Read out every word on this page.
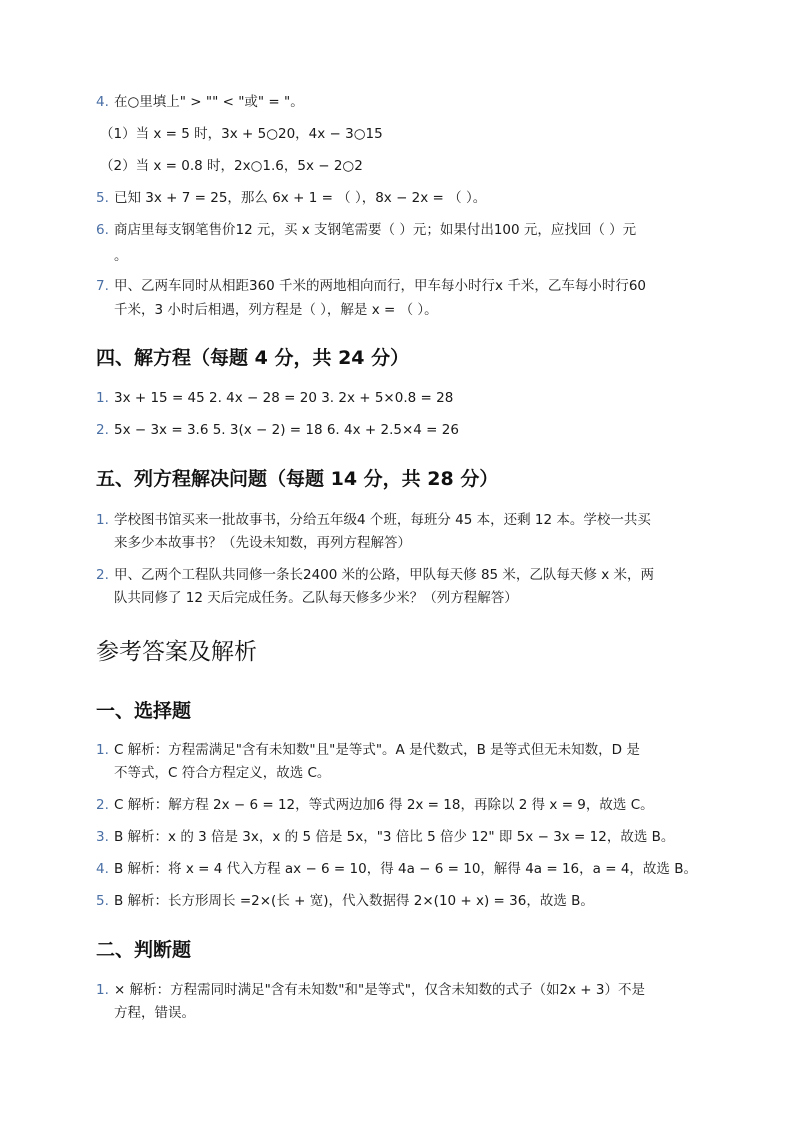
4. 在○里填上" > "" < "或" = "。
（1）当 x = 5 时，3x + 5○20，4x − 3○15
（2）当 x = 0.8 时，2x○1.6，5x − 2○2
5. 已知 3x + 7 = 25，那么 6x + 1 = （ ），8x − 2x = （ ）。
6. 商店里每支钢笔售价12 元，买 x 支钢笔需要（ ）元；如果付出100 元，应找回（ ）元
。
7. 甲、乙两车同时从相距360 千米的两地相向而行，甲车每小时行x 千米，乙车每小时行60
千米，3 小时后相遇，列方程是（ ），解是 x = （ ）。
四、解方程（每题 4 分，共 24 分）
1. 3x + 15 = 45 2. 4x − 28 = 20 3. 2x + 5×0.8 = 28
2. 5x − 3x = 3.6 5. 3(x − 2) = 18 6. 4x + 2.5×4 = 26
五、列方程解决问题（每题 14 分，共 28 分）
1. 学校图书馆买来一批故事书，分给五年级4 个班，每班分 45 本，还剩 12 本。学校一共买
来多少本故事书？（先设未知数，再列方程解答）
2. 甲、乙两个工程队共同修一条长2400 米的公路，甲队每天修 85 米，乙队每天修 x 米，两
队共同修了 12 天后完成任务。乙队每天修多少米？（列方程解答）
参考答案及解析
一、选择题
1. C 解析：方程需满足"含有未知数"且"是等式"。A 是代数式，B 是等式但无未知数，D 是
不等式，C 符合方程定义，故选 C。
2. C 解析：解方程 2x − 6 = 12，等式两边加6 得 2x = 18，再除以 2 得 x = 9，故选 C。
3. B 解析：x 的 3 倍是 3x，x 的 5 倍是 5x，"3 倍比 5 倍少 12" 即 5x − 3x = 12，故选 B。
4. B 解析：将 x = 4 代入方程 ax − 6 = 10，得 4a − 6 = 10，解得 4a = 16，a = 4，故选 B。
5. B 解析：长方形周长 =2×(长 + 宽)，代入数据得 2×(10 + x) = 36，故选 B。
二、判断题
1. × 解析：方程需同时满足"含有未知数"和"是等式"，仅含未知数的式子（如2x + 3）不是
方程，错误。
